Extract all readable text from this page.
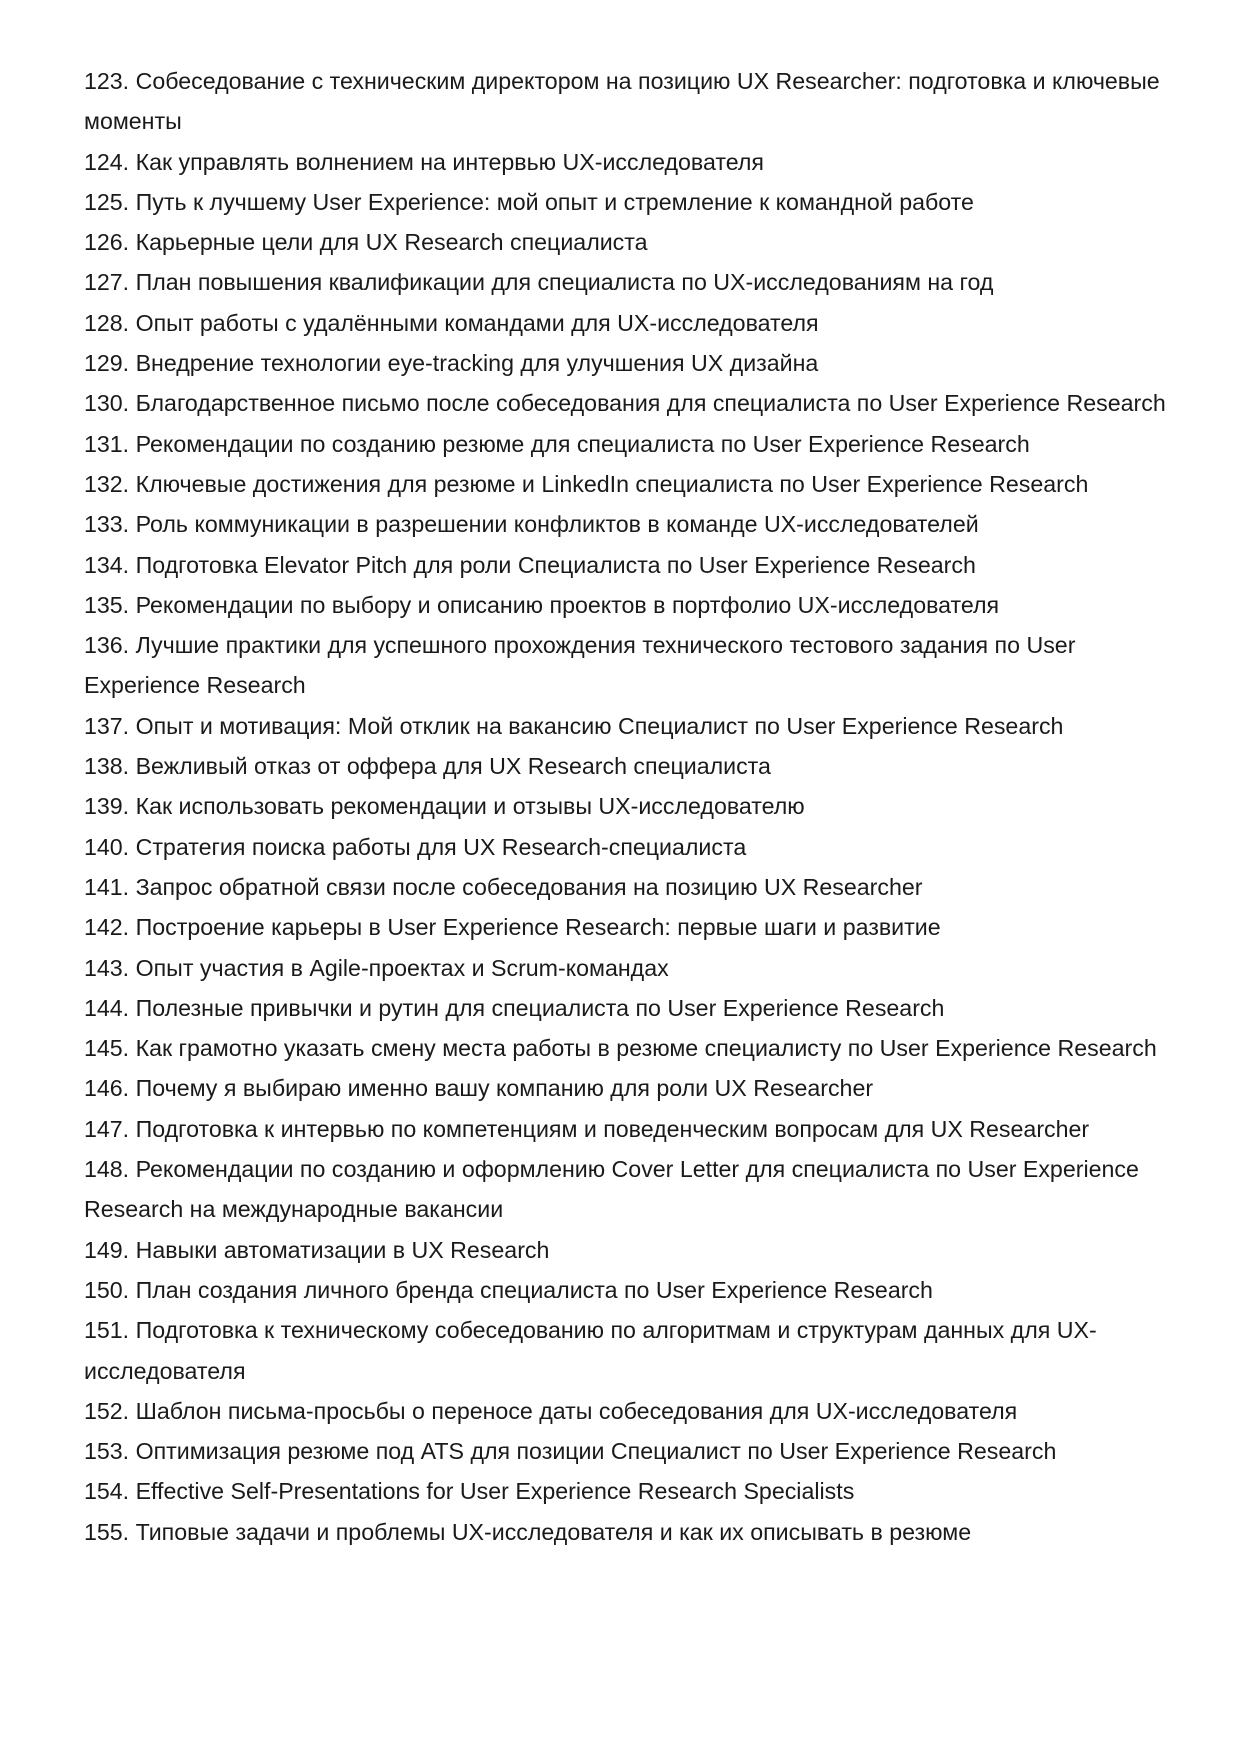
123. Собеседование с техническим директором на позицию UX Researcher: подготовка и ключевые моменты
124. Как управлять волнением на интервью UX-исследователя
125. Путь к лучшему User Experience: мой опыт и стремление к командной работе
126. Карьерные цели для UX Research специалиста
127. План повышения квалификации для специалиста по UX-исследованиям на год
128. Опыт работы с удалёнными командами для UX-исследователя
129. Внедрение технологии eye-tracking для улучшения UX дизайна
130. Благодарственное письмо после собеседования для специалиста по User Experience Research
131. Рекомендации по созданию резюме для специалиста по User Experience Research
132. Ключевые достижения для резюме и LinkedIn специалиста по User Experience Research
133. Роль коммуникации в разрешении конфликтов в команде UX-исследователей
134. Подготовка Elevator Pitch для роли Специалиста по User Experience Research
135. Рекомендации по выбору и описанию проектов в портфолио UX-исследователя
136. Лучшие практики для успешного прохождения технического тестового задания по User Experience Research
137. Опыт и мотивация: Мой отклик на вакансию Специалист по User Experience Research
138. Вежливый отказ от оффера для UX Research специалиста
139. Как использовать рекомендации и отзывы UX-исследователю
140. Стратегия поиска работы для UX Research-специалиста
141. Запрос обратной связи после собеседования на позицию UX Researcher
142. Построение карьеры в User Experience Research: первые шаги и развитие
143. Опыт участия в Agile-проектах и Scrum-командах
144. Полезные привычки и рутин для специалиста по User Experience Research
145. Как грамотно указать смену места работы в резюме специалисту по User Experience Research
146. Почему я выбираю именно вашу компанию для роли UX Researcher
147. Подготовка к интервью по компетенциям и поведенческим вопросам для UX Researcher
148. Рекомендации по созданию и оформлению Cover Letter для специалиста по User Experience Research на международные вакансии
149. Навыки автоматизации в UX Research
150. План создания личного бренда специалиста по User Experience Research
151. Подготовка к техническому собеседованию по алгоритмам и структурам данных для UX-исследователя
152. Шаблон письма-просьбы о переносе даты собеседования для UX-исследователя
153. Оптимизация резюме под ATS для позиции Специалист по User Experience Research
154. Effective Self-Presentations for User Experience Research Specialists
155. Типовые задачи и проблемы UX-исследователя и как их описывать в резюме
